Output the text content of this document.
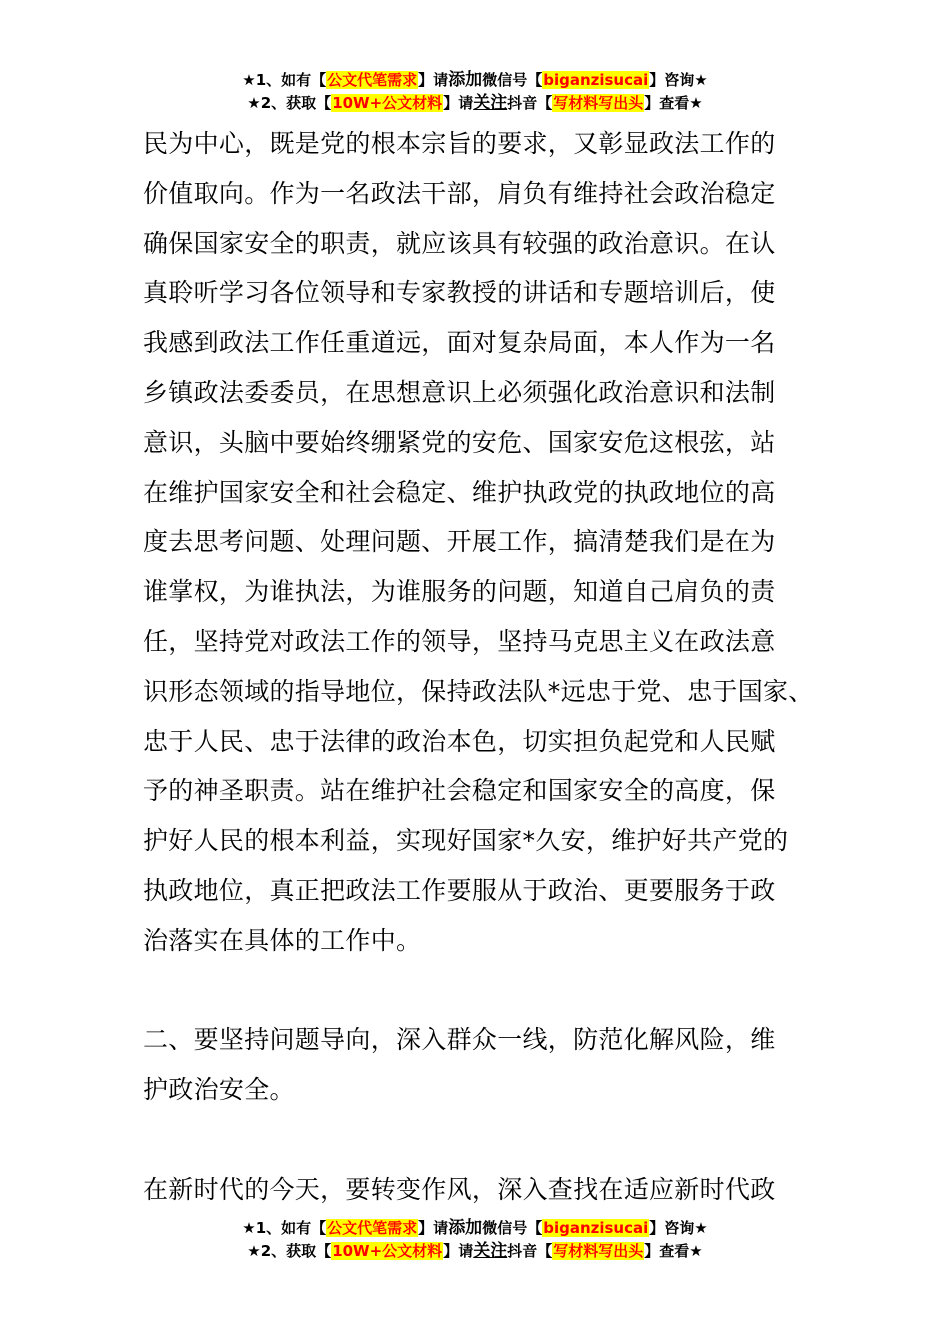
★1、如有【公文代笔需求】请添加微信号【biganzisucai】咨询★
★2、获取【10W+公文材料】请关注抖音【写材料写出头】查看★
民为中心，既是党的根本宗旨的要求，又彰显政法工作的
价值取向。作为一名政法干部，肩负有维持社会政治稳定
确保国家安全的职责，就应该具有较强的政治意识。在认
真聆听学习各位领导和专家教授的讲话和专题培训后，使
我感到政法工作任重道远，面对复杂局面，本人作为一名
乡镇政法委委员，在思想意识上必须强化政治意识和法制
意识，头脑中要始终绷紧党的安危、国家安危这根弦，站
在维护国家安全和社会稳定、维护执政党的执政地位的高
度去思考问题、处理问题、开展工作，搞清楚我们是在为
谁掌权，为谁执法，为谁服务的问题，知道自己肩负的责
任，坚持党对政法工作的领导，坚持马克思主义在政法意
识形态领域的指导地位，保持政法队*远忠于党、忠于国家、
忠于人民、忠于法律的政治本色，切实担负起党和人民赋
予的神圣职责。站在维护社会稳定和国家安全的高度，保
护好人民的根本利益，实现好国家*久安，维护好共产党的
执政地位，真正把政法工作要服从于政治、更要服务于政
治落实在具体的工作中。
二、要坚持问题导向，深入群众一线，防范化解风险，维
护政治安全。
在新时代的今天，要转变作风，深入查找在适应新时代政
★1、如有【公文代笔需求】请添加微信号【biganzisucai】咨询★
★2、获取【10W+公文材料】请关注抖音【写材料写出头】查看★
